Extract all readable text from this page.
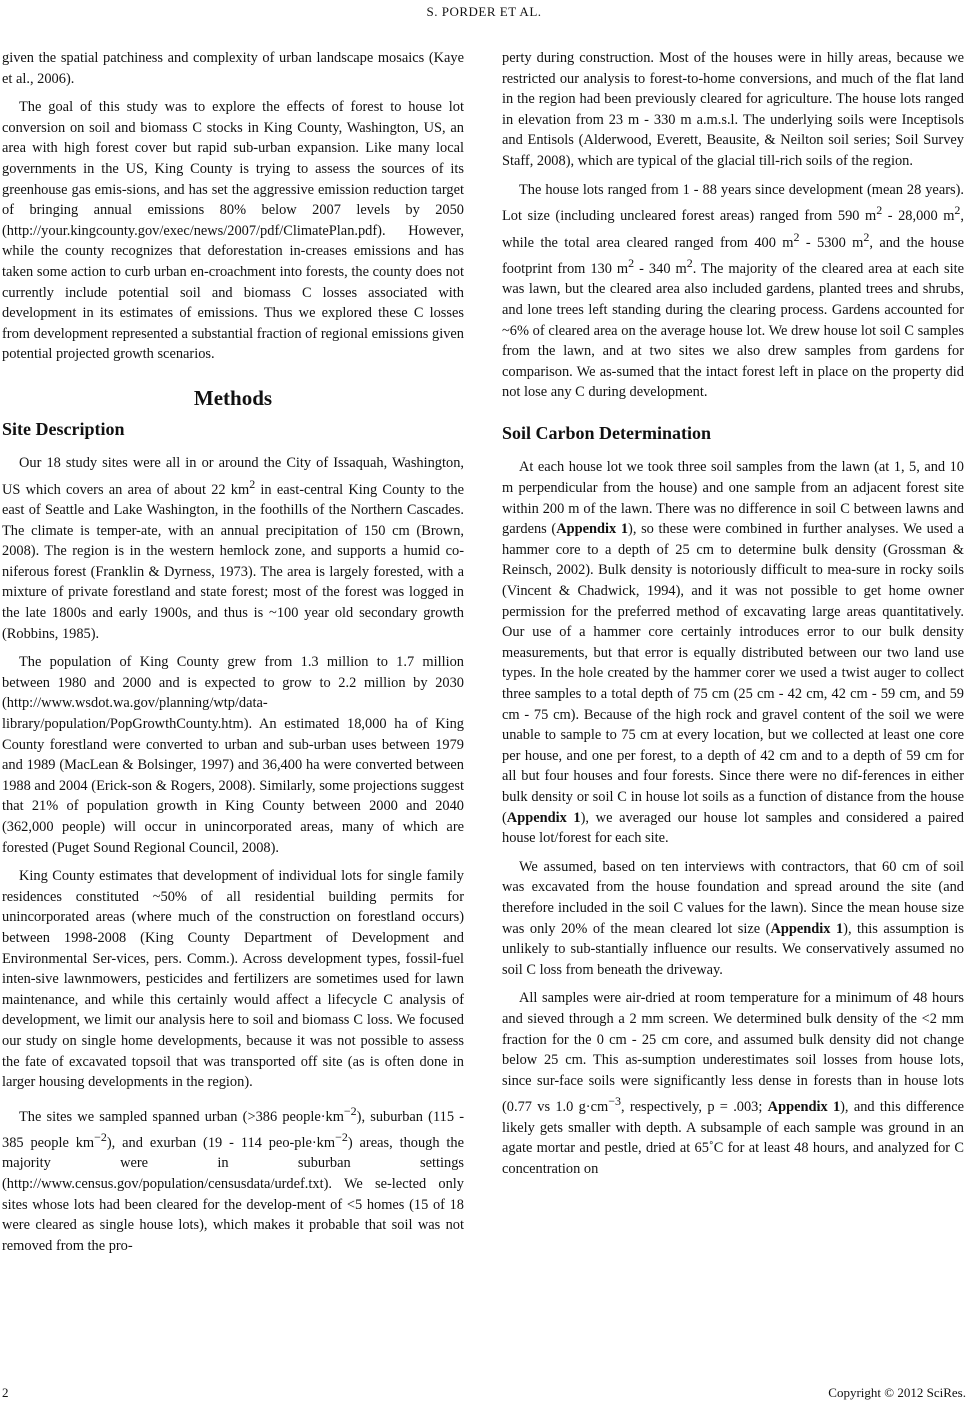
S. PORDER ET AL.

given the spatial patchiness and complexity of urban landscape mosaics (Kaye et al., 2006).

The goal of this study was to explore the effects of forest to house lot conversion on soil and biomass C stocks in King County, Washington, US, an area with high forest cover but rapid sub-urban expansion. Like many local governments in the US, King County is trying to assess the sources of its greenhouse gas emis-sions, and has set the aggressive emission reduction target of bringing annual emissions 80% below 2007 levels by 2050 (http://your.kingcounty.gov/exec/news/2007/pdf/ClimatePlan.pdf). However, while the county recognizes that deforestation in-creases emissions and has taken some action to curb urban en-croachment into forests, the county does not currently include potential soil and biomass C losses associated with development in its estimates of emissions. Thus we explored these C losses from development represented a substantial fraction of regional emissions given potential projected growth scenarios.

Methods
Site Description

Our 18 study sites were all in or around the City of Issaquah, Washington, US which covers an area of about 22 $km^2$ in east-central King County to the east of Seattle and Lake Washington, in the foothills of the Northern Cascades. The climate is temper-ate, with an annual precipitation of 150 cm (Brown, 2008). The region is in the western hemlock zone, and supports a humid co-niferous forest (Franklin & Dyrness, 1973). The area is largely forested, with a mixture of private forestland and state forest; most of the forest was logged in the late 1800s and early 1900s, and thus is ~100 year old secondary growth (Robbins, 1985).

The population of King County grew from 1.3 million to 1.7 million between 1980 and 2000 and is expected to grow to 2.2 million by 2030 (http://www.wsdot.wa.gov/planning/wtp/data-library/population/PopGrowthCounty.htm). An estimated 18,000 ha of King County forestland were converted to urban and sub-urban uses between 1979 and 1989 (MacLean & Bolsinger, 1997) and 36,400 ha were converted between 1988 and 2004 (Erick-son & Rogers, 2008). Similarly, some projections suggest that 21% of population growth in King County between 2000 and 2040 (362,000 people) will occur in unincorporated areas, many of which are forested (Puget Sound Regional Council, 2008).

King County estimates that development of individual lots for single family residences constituted ~50% of all residential building permits for unincorporated areas (where much of the construction on forestland occurs) between 1998-2008 (King County Department of Development and Environmental Ser-vices, pers. Comm.). Across development types, fossil-fuel inten-sive lawnmowers, pesticides and fertilizers are sometimes used for lawn maintenance, and while this certainly would affect a lifecycle C analysis of development, we limit our analysis here to soil and biomass C loss. We focused our study on single home developments, because it was not possible to assess the fate of excavated topsoil that was transported off site (as is often done in larger housing developments in the region).

The sites we sampled spanned urban (>386 $people\cdot km^{-2}$), suburban (115 - 385 people $km^{-2}$), and exurban (19 - 114 peo-$ple\cdot km^{-2}$) areas, though the majority were in suburban settings (http://www.census.gov/population/censusdata/urdef.txt). We se-lected only sites whose lots had been cleared for the develop-ment of <5 homes (15 of 18 were cleared as single house lots), which makes it probable that soil was not removed from the pro-

perty during construction. Most of the houses were in hilly areas, because we restricted our analysis to forest-to-home conversions, and much of the flat land in the region had been previously cleared for agriculture. The house lots ranged in elevation from 23 m - 330 m a.m.s.l. The underlying soils were Inceptisols and Entisols (Alderwood, Everett, Beausite, & Neilton soil series; Soil Survey Staff, 2008), which are typical of the glacial till-rich soils of the region.

The house lots ranged from 1 - 88 years since development (mean 28 years). Lot size (including uncleared forest areas) ranged from 590 $m^2 - 28,000$ $m^2$, while the total area cleared ranged from 400 $m^2 - 5300$ $m^2$, and the house footprint from 130 $m^2 - 340$ $m^2$. The majority of the cleared area at each site was lawn, but the cleared area also included gardens, planted trees and shrubs, and lone trees left standing during the clearing process. Gardens accounted for ~6% of cleared area on the average house lot. We drew house lot soil C samples from the lawn, and at two sites we also drew samples from gardens for comparison. We as-sumed that the intact forest left in place on the property did not lose any C during development.

Soil Carbon Determination

At each house lot we took three soil samples from the lawn (at 1, 5, and 10 m perpendicular from the house) and one sample from an adjacent forest site within 200 m of the lawn. There was no difference in soil C between lawns and gardens (Appendix 1), so these were combined in further analyses. We used a hammer core to a depth of 25 cm to determine bulk density (Grossman & Reinsch, 2002). Bulk density is notoriously difficult to mea-sure in rocky soils (Vincent & Chadwick, 1994), and it was not possible to get home owner permission for the preferred method of excavating large areas quantitatively. Our use of a hammer core certainly introduces error to our bulk density measurements, but that error is equally distributed between our two land use types. In the hole created by the hammer corer we used a twist auger to collect three samples to a total depth of 75 cm (25 cm - 42 cm, 42 cm - 59 cm, and 59 cm - 75 cm). Because of the high rock and gravel content of the soil we were unable to sample to 75 cm at every location, but we collected at least one core per house, and one per forest, to a depth of 42 cm and to a depth of 59 cm for all but four houses and four forests. Since there were no dif-ferences in either bulk density or soil C in house lot soils as a function of distance from the house (Appendix 1), we averaged our house lot samples and considered a paired house lot/forest for each site.

We assumed, based on ten interviews with contractors, that 60 cm of soil was excavated from the house foundation and spread around the site (and therefore included in the soil C values for the lawn). Since the mean house size was only 20% of the mean cleared lot size (Appendix 1), this assumption is unlikely to sub-stantially influence our results. We conservatively assumed no soil C loss from beneath the driveway.

All samples were air-dried at room temperature for a minimum of 48 hours and sieved through a 2 mm screen. We determined bulk density of the <2 mm fraction for the 0 cm - 25 cm core, and assumed bulk density did not change below 25 cm. This as-sumption underestimates soil losses from house lots, since sur-face soils were significantly less dense in forests than in house lots (0.77 vs 1.0 $g\cdot cm^{-3}$, respectively, p = .003; Appendix 1), and this difference likely gets smaller with depth. A subsample of each sample was ground in an agate mortar and pestle, dried at 65˚C for at least 48 hours, and analyzed for C concentration on

2	Copyright © 2012 SciRes.
